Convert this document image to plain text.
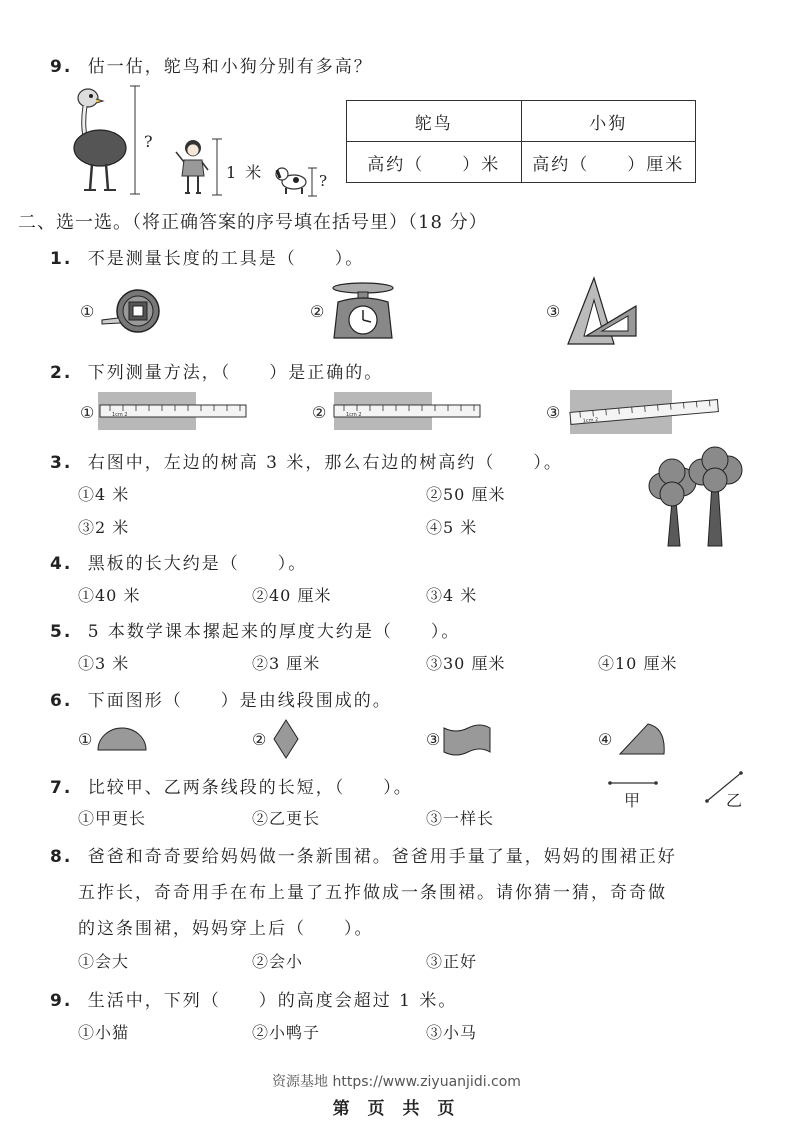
9. 估一估，鸵鸟和小狗分别有多高？
?
1 米	?
鸵鸟	小狗
高约（　　）米	高约（　　）厘米
二、选一选。（将正确答案的序号填在括号里）（18 分）
1. 不是测量长度的工具是（　　）。
①	②	③
2. 下列测量方法，（　　）是正确的。
①	1cm 2	②	1cm 2	③	1cm 2
3. 右图中，左边的树高 3 米，那么右边的树高约（　　）。
①4 米	②50 厘米
③2 米	④5 米
4. 黑板的长大约是（　　）。
①40 米	②40 厘米	③4 米
5. 5 本数学课本摞起来的厚度大约是（　　）。
①3 米	②3 厘米	③30 厘米	④10 厘米
6. 下面图形（　　）是由线段围成的。
①	②	③	④
7. 比较甲、乙两条线段的长短，（　　）。
甲	乙
①甲更长	②乙更长	③一样长
8. 爸爸和奇奇要给妈妈做一条新围裙。爸爸用手量了量，妈妈的围裙正好
五拃长，奇奇用手在布上量了五拃做成一条围裙。请你猜一猜，奇奇做
的这条围裙，妈妈穿上后（　　）。
①会大	②会小	③正好
9. 生活中，下列（　　）的高度会超过 1 米。
①小猫	②小鸭子	③小马
资源基地 https://www.ziyuanjidi.com
第 页 共 页
